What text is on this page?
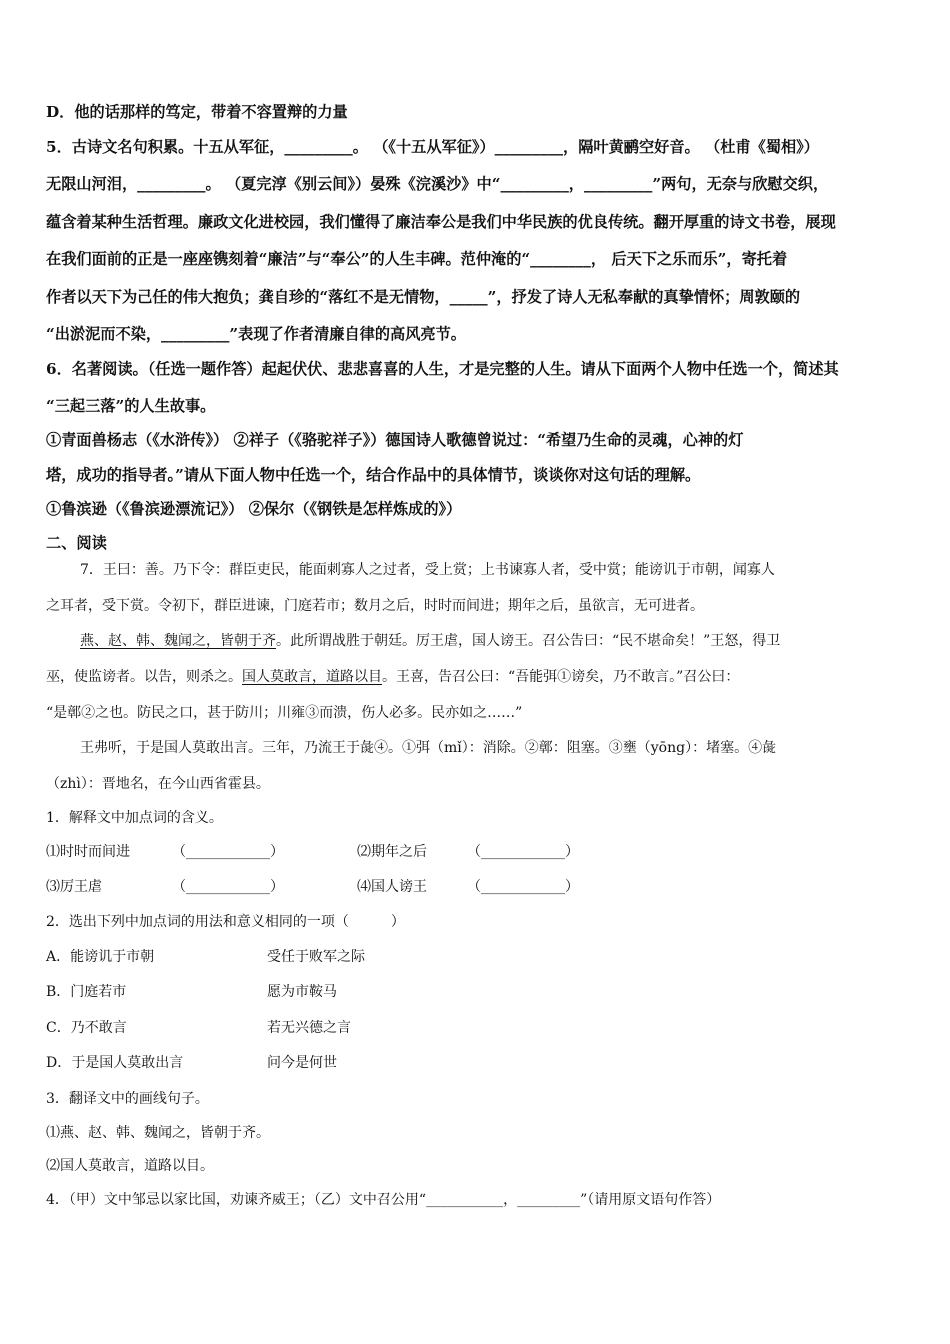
D．他的话那样的笃定，带着不容置辩的力量
5．古诗文名句积累。十五从军征，_________。 （《十五从军征》）_________，隔叶黄鹂空好音。 （杜甫《蜀相》）
无限山河泪，_________。 （夏完淳《别云间》）晏殊《浣溪沙》中“_________，_________”两句，无奈与欣慰交织，
蕴含着某种生活哲理。廉政文化进校园，我们懂得了廉洁奉公是我们中华民族的优良传统。翻开厚重的诗文书卷，展现
在我们面前的正是一座座镌刻着“廉洁”与“奉公”的人生丰碑。范仲淹的“________， 后天下之乐而乐”，寄托着
作者以天下为己任的伟大抱负；龚自珍的“落红不是无情物，_____”，抒发了诗人无私奉献的真挚情怀；周敦颐的
“出淤泥而不染，_________”表现了作者清廉自律的高风亮节。
6．名著阅读。（任选一题作答）起起伏伏、悲悲喜喜的人生，才是完整的人生。请从下面两个人物中任选一个，简述其
“三起三落”的人生故事。
①青面兽杨志（《水浒传》） ②祥子（《骆驼祥子》）德国诗人歌德曾说过：“希望乃生命的灵魂，心神的灯
塔，成功的指导者。”请从下面人物中任选一个，结合作品中的具体情节，谈谈你对这句话的理解。
①鲁滨逊（《鲁滨逊漂流记》） ②保尔（《钢铁是怎样炼成的》）
二、阅读
7．王曰：善。乃下令：群臣吏民，能面刺寡人之过者，受上赏；上书谏寡人者，受中赏；能谤讥于市朝，闻寡人
之耳者，受下赏。令初下，群臣进谏，门庭若市；数月之后，时时而间进；期年之后，虽欲言，无可进者。
燕、赵、韩、魏闻之，皆朝于齐。此所谓战胜于朝廷。厉王虐，国人谤王。召公告曰：“民不堪命矣！”王怒，得卫
巫，使监谤者。以告，则杀之。国人莫敢言，道路以目。王喜，告召公曰：“吾能弭①谤矣，乃不敢言。”召公曰：
“是鄣②之也。防民之口，甚于防川；川雍③而溃，伤人必多。民亦如之……”
王弗听，于是国人莫敢出言。三年，乃流王于彘④。①弭（mǐ）：消除。②鄣：阻塞。③壅（yōng）：堵塞。④彘
（zhì）：晋地名，在今山西省霍县。
1．解释文中加点词的含义。
⑴时时而间进	（____________）	⑵期年之后	（____________）
⑶厉王虐	（____________）	⑷国人谤王	（____________）
2．选出下列中加点词的用法和意义相同的一项（　　　）
A．能谤讥于市朝	受任于败军之际
B．门庭若市	愿为市鞍马
C．乃不敢言	若无兴德之言
D．于是国人莫敢出言	问今是何世
3．翻译文中的画线句子。
⑴燕、赵、韩、魏闻之，皆朝于齐。
⑵国人莫敢言，道路以目。
4．（甲）文中邹忌以家比国，劝谏齐威王；（乙）文中召公用“___________，_________”（请用原文语句作答）
